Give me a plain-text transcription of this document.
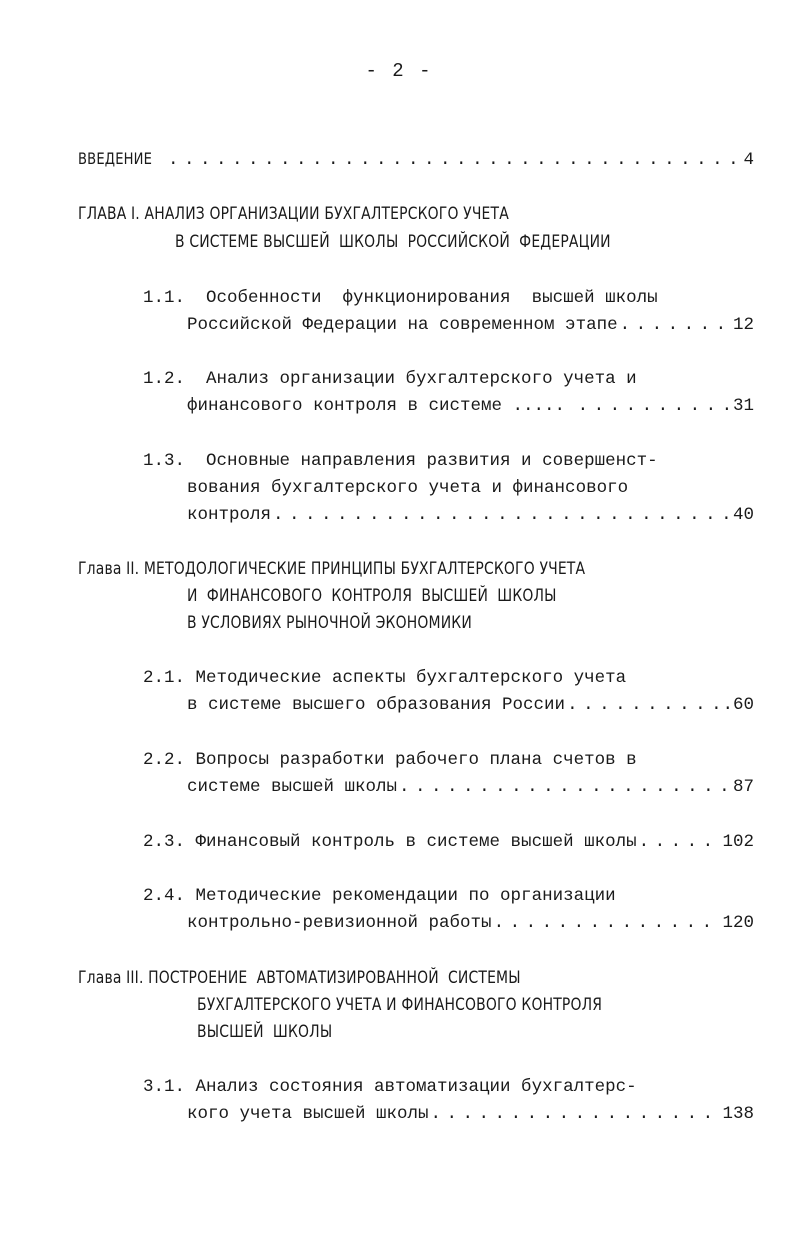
- 2 -
ВВЕДЕНИЕ . . .	4
ГЛАВА I. АНАЛИЗ ОРГАНИЗАЦИИ БУХГАЛТЕРСКОГО УЧЕТА
В СИСТЕМЕ ВЫСШЕЙ  ШКОЛЫ  РОССИЙСКОЙ  ФЕДЕРАЦИИ
1.1.  Особенности  функционирования  высшей школы
Российской Федерации на современном этапе . . .	12
1.2.  Анализ организации бухгалтерского учета и
финансового контроля в системе ..... . . .	31
1.3.  Основные направления развития и совершенст-
вования бухгалтерского учета и финансового
контроля . . .	40
Глава II. МЕТОДОЛОГИЧЕСКИЕ ПРИНЦИПЫ БУХГАЛТЕРСКОГО УЧЕТА
И  ФИНАНСОВОГО  КОНТРОЛЯ  ВЫСШЕЙ  ШКОЛЫ
В УСЛОВИЯХ РЫНОЧНОЙ ЭКОНОМИКИ
2.1. Методические аспекты бухгалтерского учета
в системе высшего образования России . . .	.60
2.2. Вопросы разработки рабочего плана счетов в
системе высшей школы . . .	87
2.3. Финансовый контроль в системе высшей школы . . .	102
2.4. Методические рекомендации по организации
контрольно-ревизионной работы . . .	120
Глава III. ПОСТРОЕНИЕ  АВТОМАТИЗИРОВАННОЙ  СИСТЕМЫ
БУХГАЛТЕРСКОГО УЧЕТА И ФИНАНСОВОГО КОНТРОЛЯ
ВЫСШЕЙ  ШКОЛЫ
3.1. Анализ состояния автоматизации бухгалтерс-
кого учета высшей школы . . .	138
